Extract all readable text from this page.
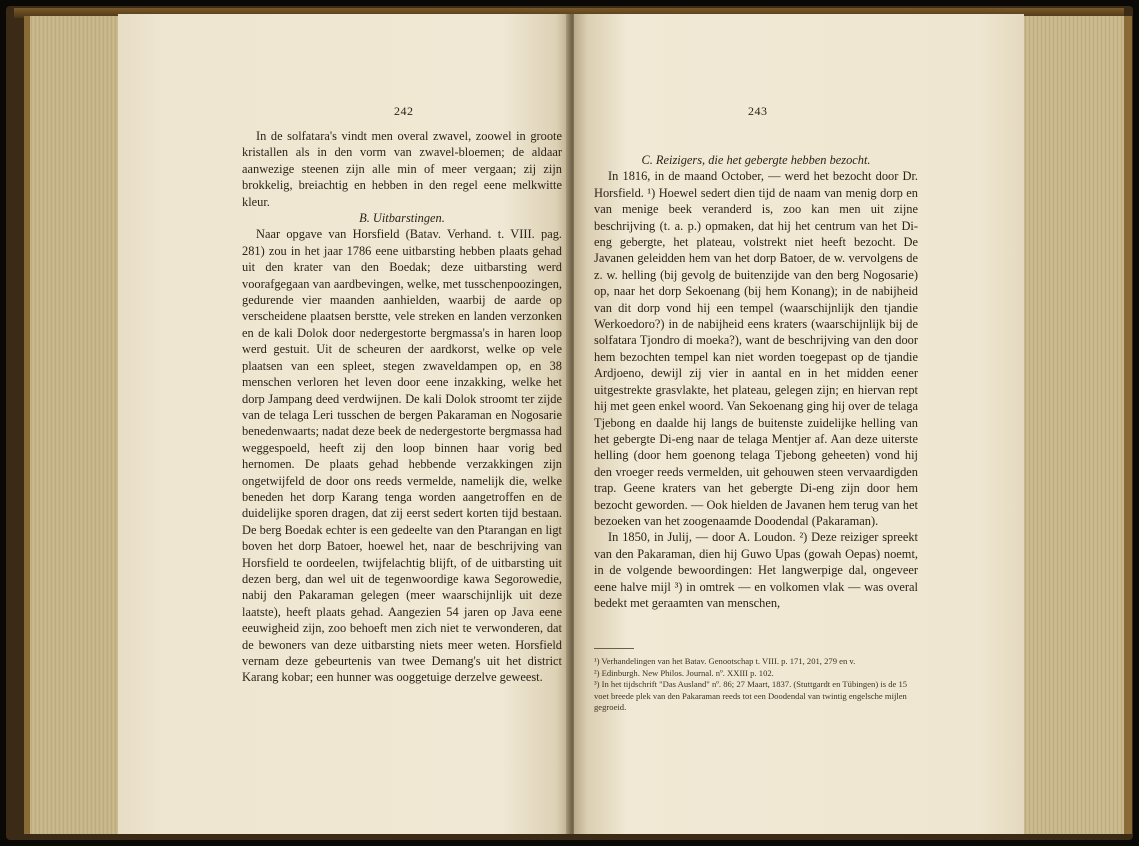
242

In de solfatara's vindt men overal zwavel, zoowel in groote kristallen als in den vorm van zwavel-bloemen; de aldaar aanwezige steenen zijn alle min of meer vergaan; zij zijn brokkelig, breiachtig en hebben in den regel eene melkwitte kleur.

B. Uitbarstingen.

Naar opgave van Horsfield (Batav. Verhand. t. VIII. pag. 281) zou in het jaar 1786 eene uitbarsting hebben plaats gehad uit den krater van den Boedak; deze uitbarsting werd voorafgegaan van aardbevingen, welke, met tusschenpoozingen, gedurende vier maanden aanhielden, waarbij de aarde op verscheidene plaatsen berstte, vele streken en landen verzonken en de kali Dolok door nedergestorte bergmassa's in haren loop werd gestuit. Uit de scheuren der aardkorst, welke op vele plaatsen van een spleet, stegen zwaveldampen op, en 38 menschen verloren het leven door eene inzakking, welke het dorp Jampang deed verdwijnen. De kali Dolok stroomt ter zijde van de telaga Leri tusschen de bergen Pakaraman en Nogosarie benedenwaarts; nadat deze beek de nedergestorte bergmassa had weggespoeld, heeft zij den loop binnen haar vorig bed hernomen. De plaats gehad hebbende verzakkingen zijn ongetwijfeld de door ons reeds vermelde, namelijk die, welke beneden het dorp Karang tenga worden aangetroffen en de duidelijke sporen dragen, dat zij eerst sedert korten tijd bestaan. De berg Boedak echter is een gedeelte van den Ptarangan en ligt boven het dorp Batoer, hoewel het, naar de beschrijving van Horsfield te oordeelen, twijfelachtig blijft, of de uitbarsting uit dezen berg, dan wel uit de tegenwoordige kawa Segorowedie, nabij den Pakaraman gelegen (meer waarschijnlijk uit deze laatste), heeft plaats gehad. Aangezien 54 jaren op Java eene eeuwigheid zijn, zoo behoeft men zich niet te verwonderen, dat de bewoners van deze uitbarsting niets meer weten. Horsfield vernam deze gebeurtenis van twee Demang's uit het district Karang kobar; een hunner was ooggetuige derzelve geweest.

243

C. Reizigers, die het gebergte hebben bezocht.

In 1816, in de maand October, — werd het bezocht door Dr. Horsfield. ¹) Hoewel sedert dien tijd de naam van menig dorp en van menige beek veranderd is, zoo kan men uit zijne beschrijving (t. a. p.) opmaken, dat hij het centrum van het Di-eng gebergte, het plateau, volstrekt niet heeft bezocht. De Javanen geleidden hem van het dorp Batoer, de w. vervolgens de z. w. helling (bij gevolg de buitenzijde van den berg Nogosarie) op, naar het dorp Sekoenang (bij hem Konang); in de nabijheid van dit dorp vond hij een tempel (waarschijnlijk den tjandie Werkoedoro?) in de nabijheid eens kraters (waarschijnlijk bij de solfatara Tjondro di moeka?), want de beschrijving van den door hem bezochten tempel kan niet worden toegepast op de tjandie Ardjoeno, dewijl zij vier in aantal en in het midden eener uitgestrekte grasvlakte, het plateau, gelegen zijn; en hiervan rept hij met geen enkel woord. Van Sekoenang ging hij over de telaga Tjebong en daalde hij langs de buitenste zuidelijke helling van het gebergte Di-eng naar de telaga Mentjer af. Aan deze uiterste helling (door hem goenong telaga Tjebong geheeten) vond hij den vroeger reeds vermelden, uit gehouwen steen vervaardigden trap. Geene kraters van het gebergte Di-eng zijn door hem bezocht geworden. — Ook hielden de Javanen hem terug van het bezoeken van het zoogenaamde Doodendal (Pakaraman).

In 1850, in Julij, — door A. Loudon. ²) Deze reiziger spreekt van den Pakaraman, dien hij Guwo Upas (gowah Oepas) noemt, in de volgende bewoordingen: Het langwerpige dal, ongeveer eene halve mijl ³) in omtrek — en volkomen vlak — was overal bedekt met geraamten van menschen,

¹) Verhandelingen van het Batav. Genootschap t. VIII. p. 171, 201, 279 en v.
²) Edinburgh. New Philos. Journal. nº. XXIII p. 102.
³) In het tijdschrift "Das Ausland" nº. 86; 27 Maart, 1837. (Stuttgardt en Tübingen) is de 15 voet breede plek van den Pakaraman reeds tot een Doodendal van twintig engelsche mijlen gegroeid.
